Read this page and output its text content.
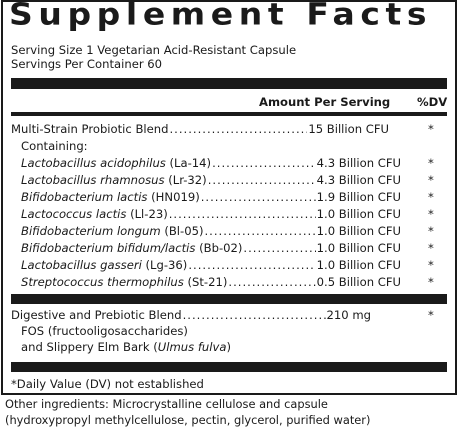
Supplement Facts
Serving Size 1 Vegetarian Acid-Resistant Capsule
Servings Per Container 60
Amount Per Serving %DV
Multi-Strain Probiotic Blend .....	15 Billion CFU	*
Containing:
Lactobacillus acidophilus
(La-14) .....	4.3 Billion CFU *
Lactobacillus rhamnosus
(Lr-32) .....	4.3 Billion CFU *
Bifidobacterium lactis
(HN019) .....	1.9 Billion CFU *
Lactococcus lactis
(Ll-23) .....	1.0 Billion CFU *
Bifidobacterium longum
(Bl-05) .....	1.0 Billion CFU *
Bifidobacterium bifidum/lactis
(Bb-02) .....	1.0 Billion CFU *
Lactobacillus gasseri
(Lg-36) .....	1.0 Billion CFU *
Streptococcus thermophilus
(St-21) .....	0.5 Billion CFU *
Digestive and Prebiotic Blend .....	210 mg	*
FOS (fructooligosaccharides)
and Slippery Elm Bark (Ulmus fulva)
*Daily Value (DV) not established
Other ingredients: Microcrystalline cellulose and capsule
(hydroxypropyl methylcellulose, pectin, glycerol, purified water)
